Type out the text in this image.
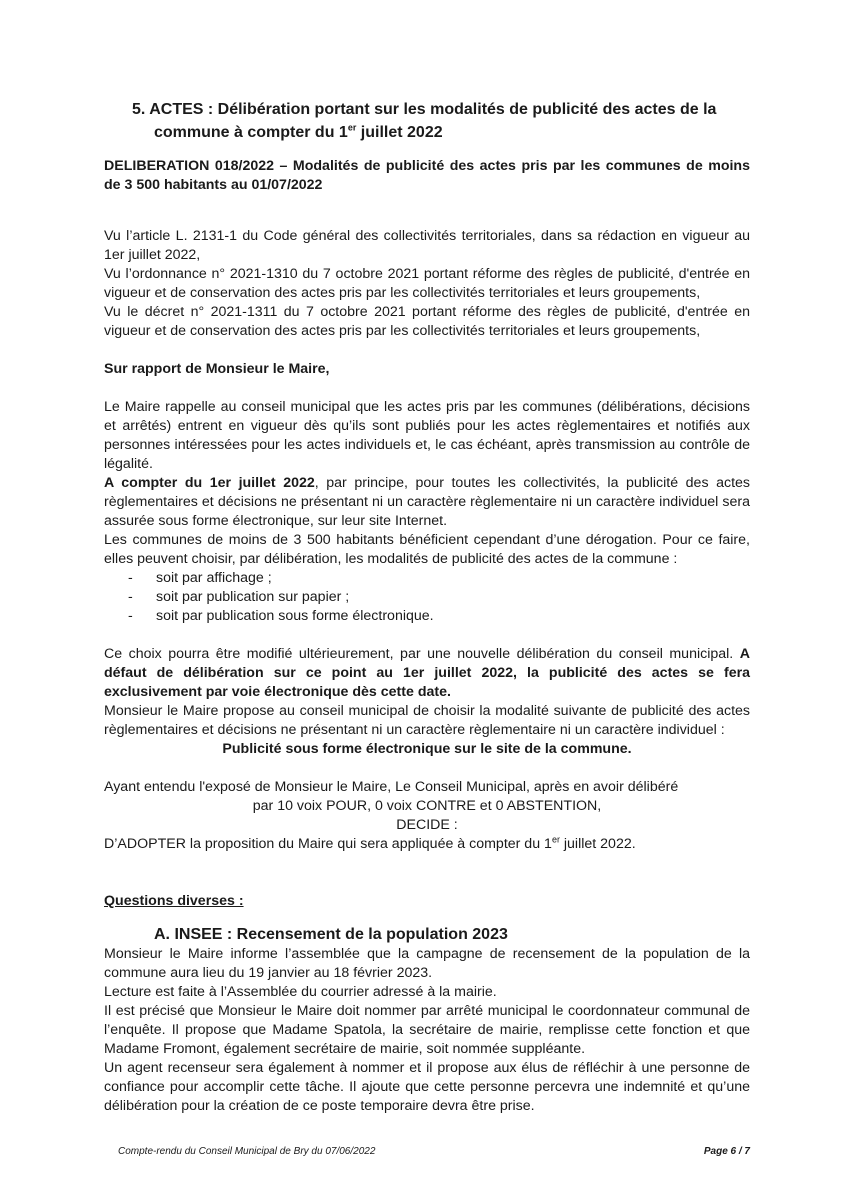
5. ACTES : Délibération portant sur les modalités de publicité des actes de la
commune à compter du 1er juillet 2022

DELIBERATION 018/2022 – Modalités de publicité des actes pris par les communes de moins de 3 500 habitants au 01/07/2022

Vu l’article L. 2131-1 du Code général des collectivités territoriales, dans sa rédaction en vigueur au 1er juillet 2022,

Vu l’ordonnance n° 2021-1310 du 7 octobre 2021 portant réforme des règles de publicité, d'entrée en vigueur et de conservation des actes pris par les collectivités territoriales et leurs groupements,

Vu le décret n° 2021-1311 du 7 octobre 2021 portant réforme des règles de publicité, d'entrée en vigueur et de conservation des actes pris par les collectivités territoriales et leurs groupements,

Sur rapport de Monsieur le Maire,

Le Maire rappelle au conseil municipal que les actes pris par les communes (délibérations, décisions et arrêtés) entrent en vigueur dès qu’ils sont publiés pour les actes règlementaires et notifiés aux personnes intéressées pour les actes individuels et, le cas échéant, après transmission au contrôle de légalité.

A compter du 1er juillet 2022, par principe, pour toutes les collectivités, la publicité des actes règlementaires et décisions ne présentant ni un caractère règlementaire ni un caractère individuel sera assurée sous forme électronique, sur leur site Internet.

Les communes de moins de 3 500 habitants bénéficient cependant d’une dérogation. Pour ce faire, elles peuvent choisir, par délibération, les modalités de publicité des actes de la commune :

- soit par affichage ;
- soit par publication sur papier ;
- soit par publication sous forme électronique.

Ce choix pourra être modifié ultérieurement, par une nouvelle délibération du conseil municipal. A défaut de délibération sur ce point au 1er juillet 2022, la publicité des actes se fera exclusivement par voie électronique dès cette date.

Monsieur le Maire propose au conseil municipal de choisir la modalité suivante de publicité des actes règlementaires et décisions ne présentant ni un caractère règlementaire ni un caractère individuel :

Publicité sous forme électronique sur le site de la commune.

Ayant entendu l'exposé de Monsieur le Maire, Le Conseil Municipal, après en avoir délibéré

par 10 voix POUR, 0 voix CONTRE et 0 ABSTENTION,

DECIDE :

D’ADOPTER la proposition du Maire qui sera appliquée à compter du 1er juillet 2022.

Questions diverses :

A. INSEE : Recensement de la population 2023

Monsieur le Maire informe l’assemblée que la campagne de recensement de la population de la commune aura lieu du 19 janvier au 18 février 2023.

Lecture est faite à l’Assemblée du courrier adressé à la mairie.

Il est précisé que Monsieur le Maire doit nommer par arrêté municipal le coordonnateur communal de l’enquête. Il propose que Madame Spatola, la secrétaire de mairie, remplisse cette fonction et que Madame Fromont, également secrétaire de mairie, soit nommée suppléante.

Un agent recenseur sera également à nommer et il propose aux élus de réfléchir à une personne de confiance pour accomplir cette tâche. Il ajoute que cette personne percevra une indemnité et qu’une délibération pour la création de ce poste temporaire devra être prise.

Compte-rendu du Conseil Municipal de Bry du 07/06/2022	Page 6 / 7
